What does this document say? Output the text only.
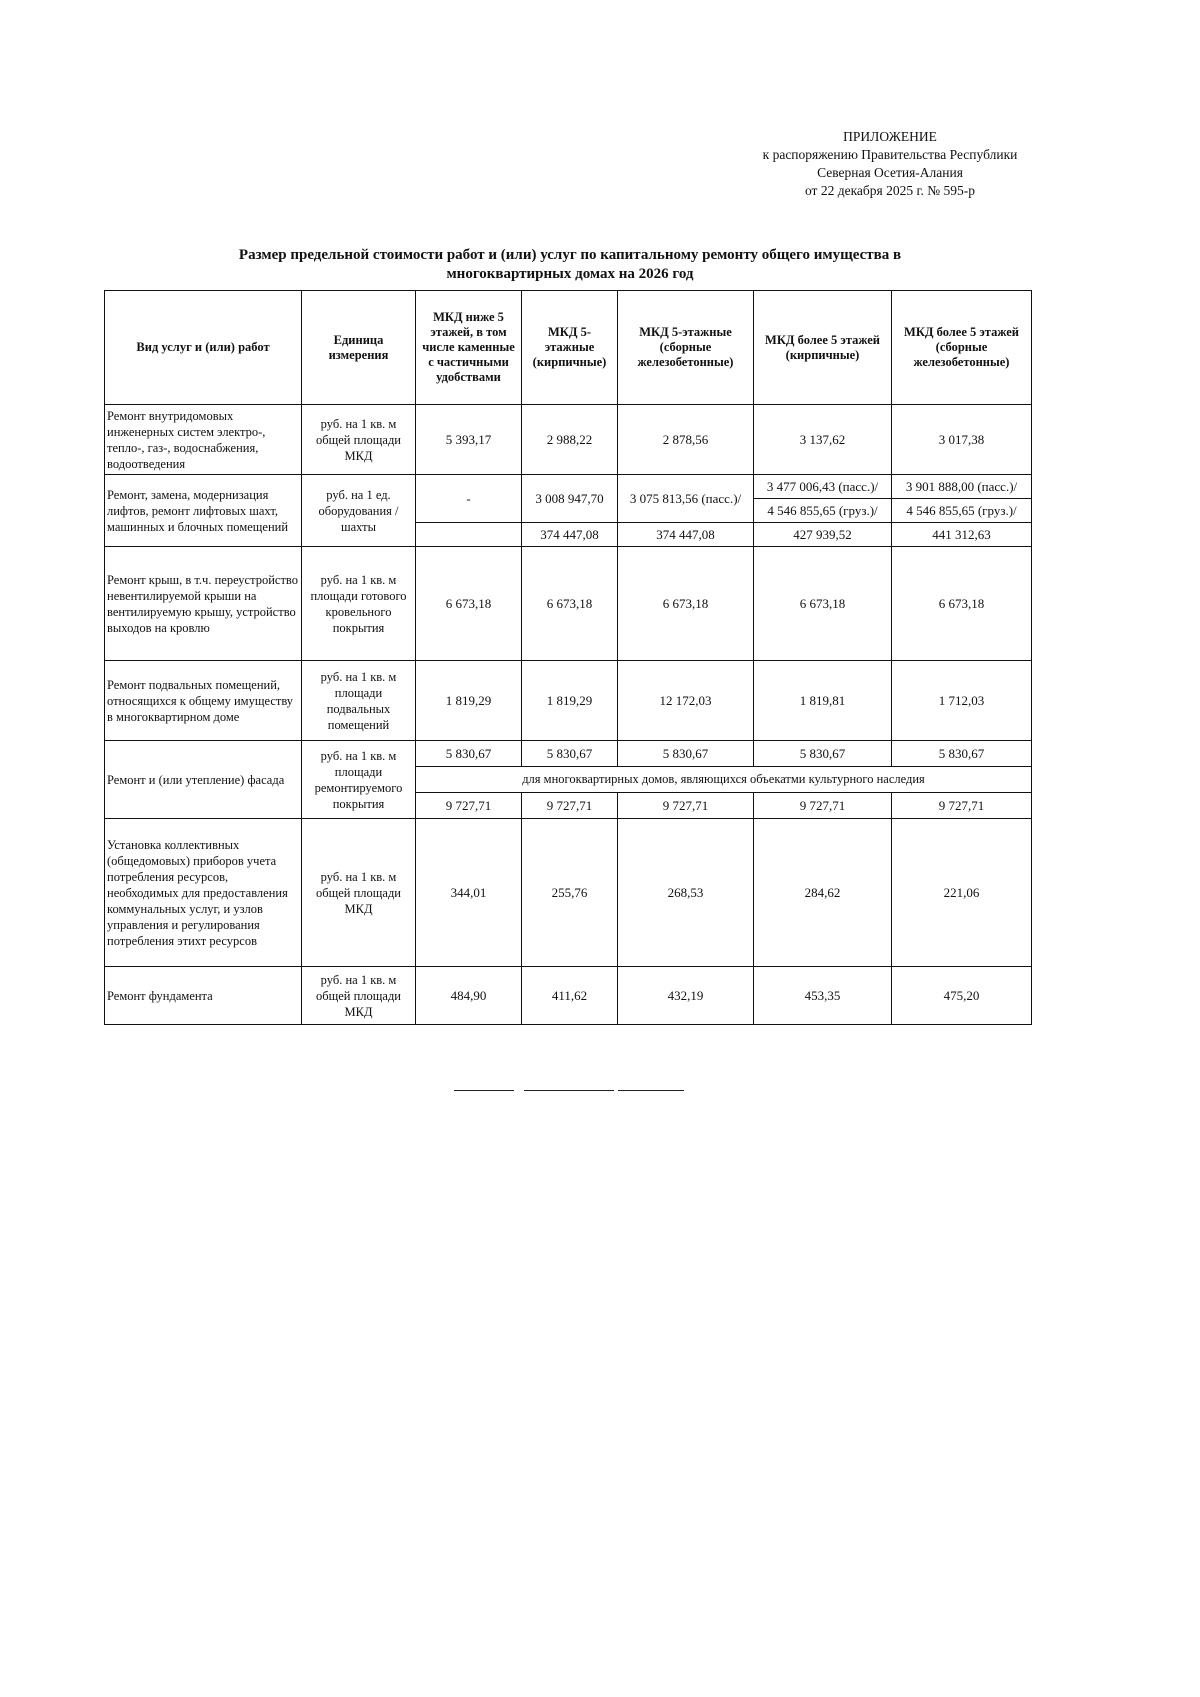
ПРИЛОЖЕНИЕ
к распоряжению Правительства Республики
Северная Осетия-Алания
от 22 декабря 2025 г. № 595-р
Размер предельной стоимости работ и (или) услуг по капитальному ремонту общего имущества в
многоквартирных домах на 2026 год
Вид услуг и (или) работ	Единица измерения	МКД ниже 5 этажей, в том числе каменные с частичными удобствами	МКД 5-этажные (кирпичные)	МКД 5-этажные (сборные железобетонные)	МКД более 5 этажей (кирпичные)	МКД более 5 этажей (сборные железобетонные)
Ремонт внутридомовых инженерных систем электро-, тепло-, газ-, водоснабжения, водоотведения	руб. на 1 кв. м общей площади МКД	5 393,17	2 988,22	2 878,56	3 137,62	3 017,38
Ремонт, замена, модернизация лифтов, ремонт лифтовых шахт, машинных и блочных помещений	руб. на 1 ед. оборудования / шахты	-	3 008 947,70	3 075 813,56 (пасс.)/	3 477 006,43 (пасс.)/	3 901 888,00 (пасс.)/
					4 546 855,65 (груз.)/	4 546 855,65 (груз.)/
			374 447,08	374 447,08	427 939,52	441 312,63
Ремонт крыш, в т.ч. переустройство невентилируемой крыши на вентилируемую крышу, устройство выходов на кровлю	руб. на 1 кв. м площади готового кровельного покрытия	6 673,18	6 673,18	6 673,18	6 673,18	6 673,18
Ремонт подвальных помещений, относящихся к общему имуществу в многоквартирном доме	руб. на 1 кв. м площади подвальных помещений	1 819,29	1 819,29	12 172,03	1 819,81	1 712,03
Ремонт и (или утепление) фасада	руб. на 1 кв. м площади ремонтируемого покрытия	5 830,67	5 830,67	5 830,67	5 830,67	5 830,67
		для многоквартирных домов, являющихся объекатми культурного наследия				
		9 727,71	9 727,71	9 727,71	9 727,71	9 727,71
Установка коллективных (общедомовых) приборов учета потребления ресурсов, необходимых для предоставления коммунальных услуг, и узлов управления и регулирования потребления этихт ресурсов	руб. на 1 кв. м общей площади МКД	344,01	255,76	268,53	284,62	221,06
Ремонт фундамента	руб. на 1 кв. м общей площади МКД	484,90	411,62	432,19	453,35	475,20
